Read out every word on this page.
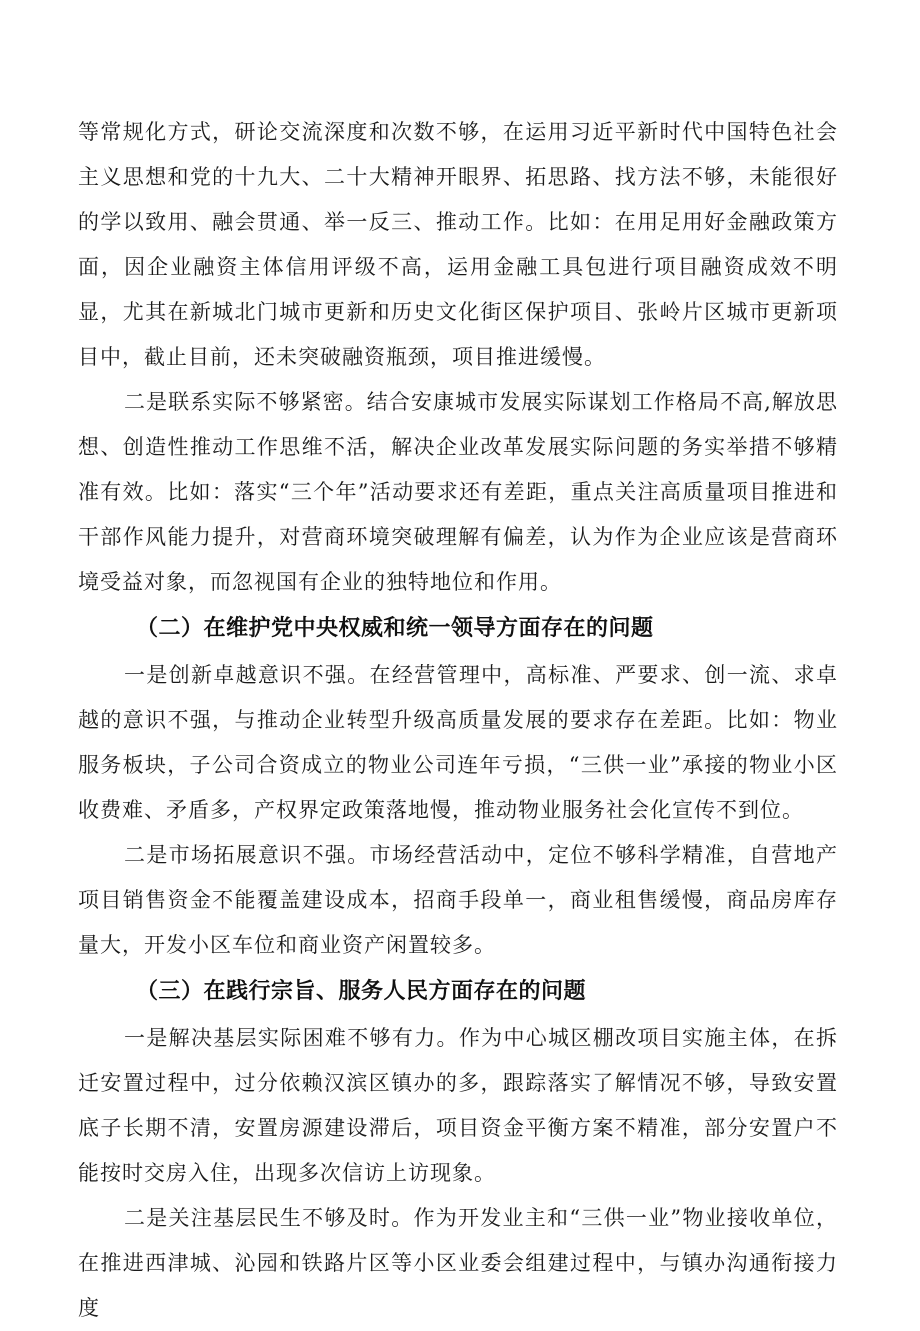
等常规化方式，研论交流深度和次数不够，在运用习近平新时代中国特色社会主义思想和党的十九大、二十大精神开眼界、拓思路、找方法不够，未能很好的学以致用、融会贯通、举一反三、推动工作。比如：在用足用好金融政策方面，因企业融资主体信用评级不高，运用金融工具包进行项目融资成效不明显，尤其在新城北门城市更新和历史文化街区保护项目、张岭片区城市更新项目中，截止目前，还未突破融资瓶颈，项目推进缓慢。

二是联系实际不够紧密。结合安康城市发展实际谋划工作格局不高,解放思想、创造性推动工作思维不活，解决企业改革发展实际问题的务实举措不够精准有效。比如：落实“三个年”活动要求还有差距，重点关注高质量项目推进和干部作风能力提升，对营商环境突破理解有偏差，认为作为企业应该是营商环境受益对象，而忽视国有企业的独特地位和作用。

（二）在维护党中央权威和统一领导方面存在的问题

一是创新卓越意识不强。在经营管理中，高标准、严要求、创一流、求卓越的意识不强，与推动企业转型升级高质量发展的要求存在差距。比如：物业服务板块，子公司合资成立的物业公司连年亏损，“三供一业”承接的物业小区收费难、矛盾多，产权界定政策落地慢，推动物业服务社会化宣传不到位。

二是市场拓展意识不强。市场经营活动中，定位不够科学精准，自营地产项目销售资金不能覆盖建设成本，招商手段单一，商业租售缓慢，商品房库存量大，开发小区车位和商业资产闲置较多。

（三）在践行宗旨、服务人民方面存在的问题

一是解决基层实际困难不够有力。作为中心城区棚改项目实施主体，在拆迁安置过程中，过分依赖汉滨区镇办的多，跟踪落实了解情况不够，导致安置底子长期不清，安置房源建设滞后，项目资金平衡方案不精准，部分安置户不能按时交房入住，出现多次信访上访现象。

二是关注基层民生不够及时。作为开发业主和“三供一业”物业接收单位，在推进西津城、沁园和铁路片区等小区业委会组建过程中，与镇办沟通衔接力度
